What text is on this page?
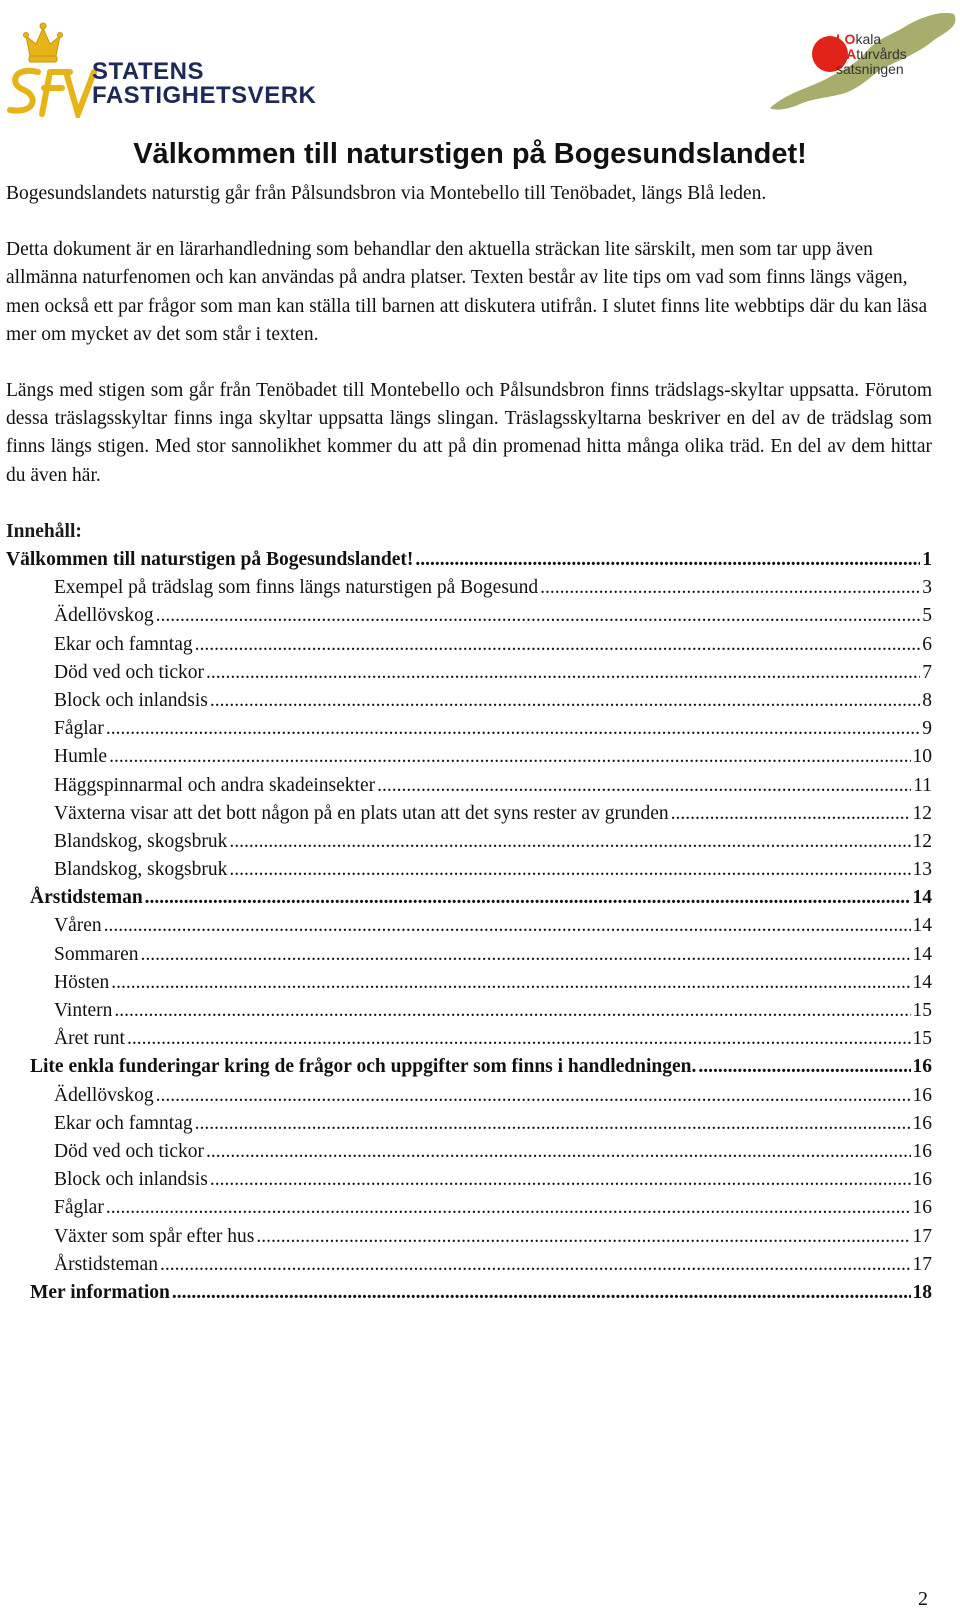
STATENS
FASTIGHETSVERK
LOkala
NAturvårds
satsningen
Välkommen till naturstigen på Bogesundslandet!

Bogesundslandets naturstig går från Pålsundsbron via Montebello till Tenöbadet, längs Blå leden.

Detta dokument är en lärarhandledning som behandlar den aktuella sträckan lite särskilt, men som tar upp även allmänna naturfenomen och kan användas på andra platser. Texten består av lite tips om vad som finns längs vägen, men också ett par frågor som man kan ställa till barnen att diskutera utifrån. I slutet finns lite webbtips där du kan läsa mer om mycket av det som står i texten.

Längs med stigen som går från Tenöbadet till Montebello och Pålsundsbron finns trädslags-skyltar uppsatta. Förutom dessa träslagsskyltar finns inga skyltar uppsatta längs slingan. Träslagsskyltarna beskriver en del av de trädslag som finns längs stigen. Med stor sannolikhet kommer du att på din promenad hitta många olika träd. En del av dem hittar du även här.

Innehåll:

Välkommen till naturstigen på Bogesundslandet! .....	1
Exempel på trädslag som finns längs naturstigen på Bogesund .....	3
Ädellövskog .....	5
Ekar och famntag .....	6
Död ved och tickor .....	7
Block och inlandsis .....	8
Fåglar .....	9
Humle .....	10
Häggspinnarmal och andra skadeinsekter .....	11
Växterna visar att det bott någon på en plats utan att det syns rester av grunden .....	12
Blandskog, skogsbruk .....	12
Blandskog, skogsbruk .....	13
Årstidsteman .....	14
Våren .....	14
Sommaren .....	14
Hösten .....	14
Vintern .....	15
Året runt .....	15
Lite enkla funderingar kring de frågor och uppgifter som finns i handledningen. .....	16
Ädellövskog .....	16
Ekar och famntag .....	16
Död ved och tickor .....	16
Block och inlandsis .....	16
Fåglar .....	16
Växter som spår efter hus .....	17
Årstidsteman .....	17
Mer information .....	18
2
